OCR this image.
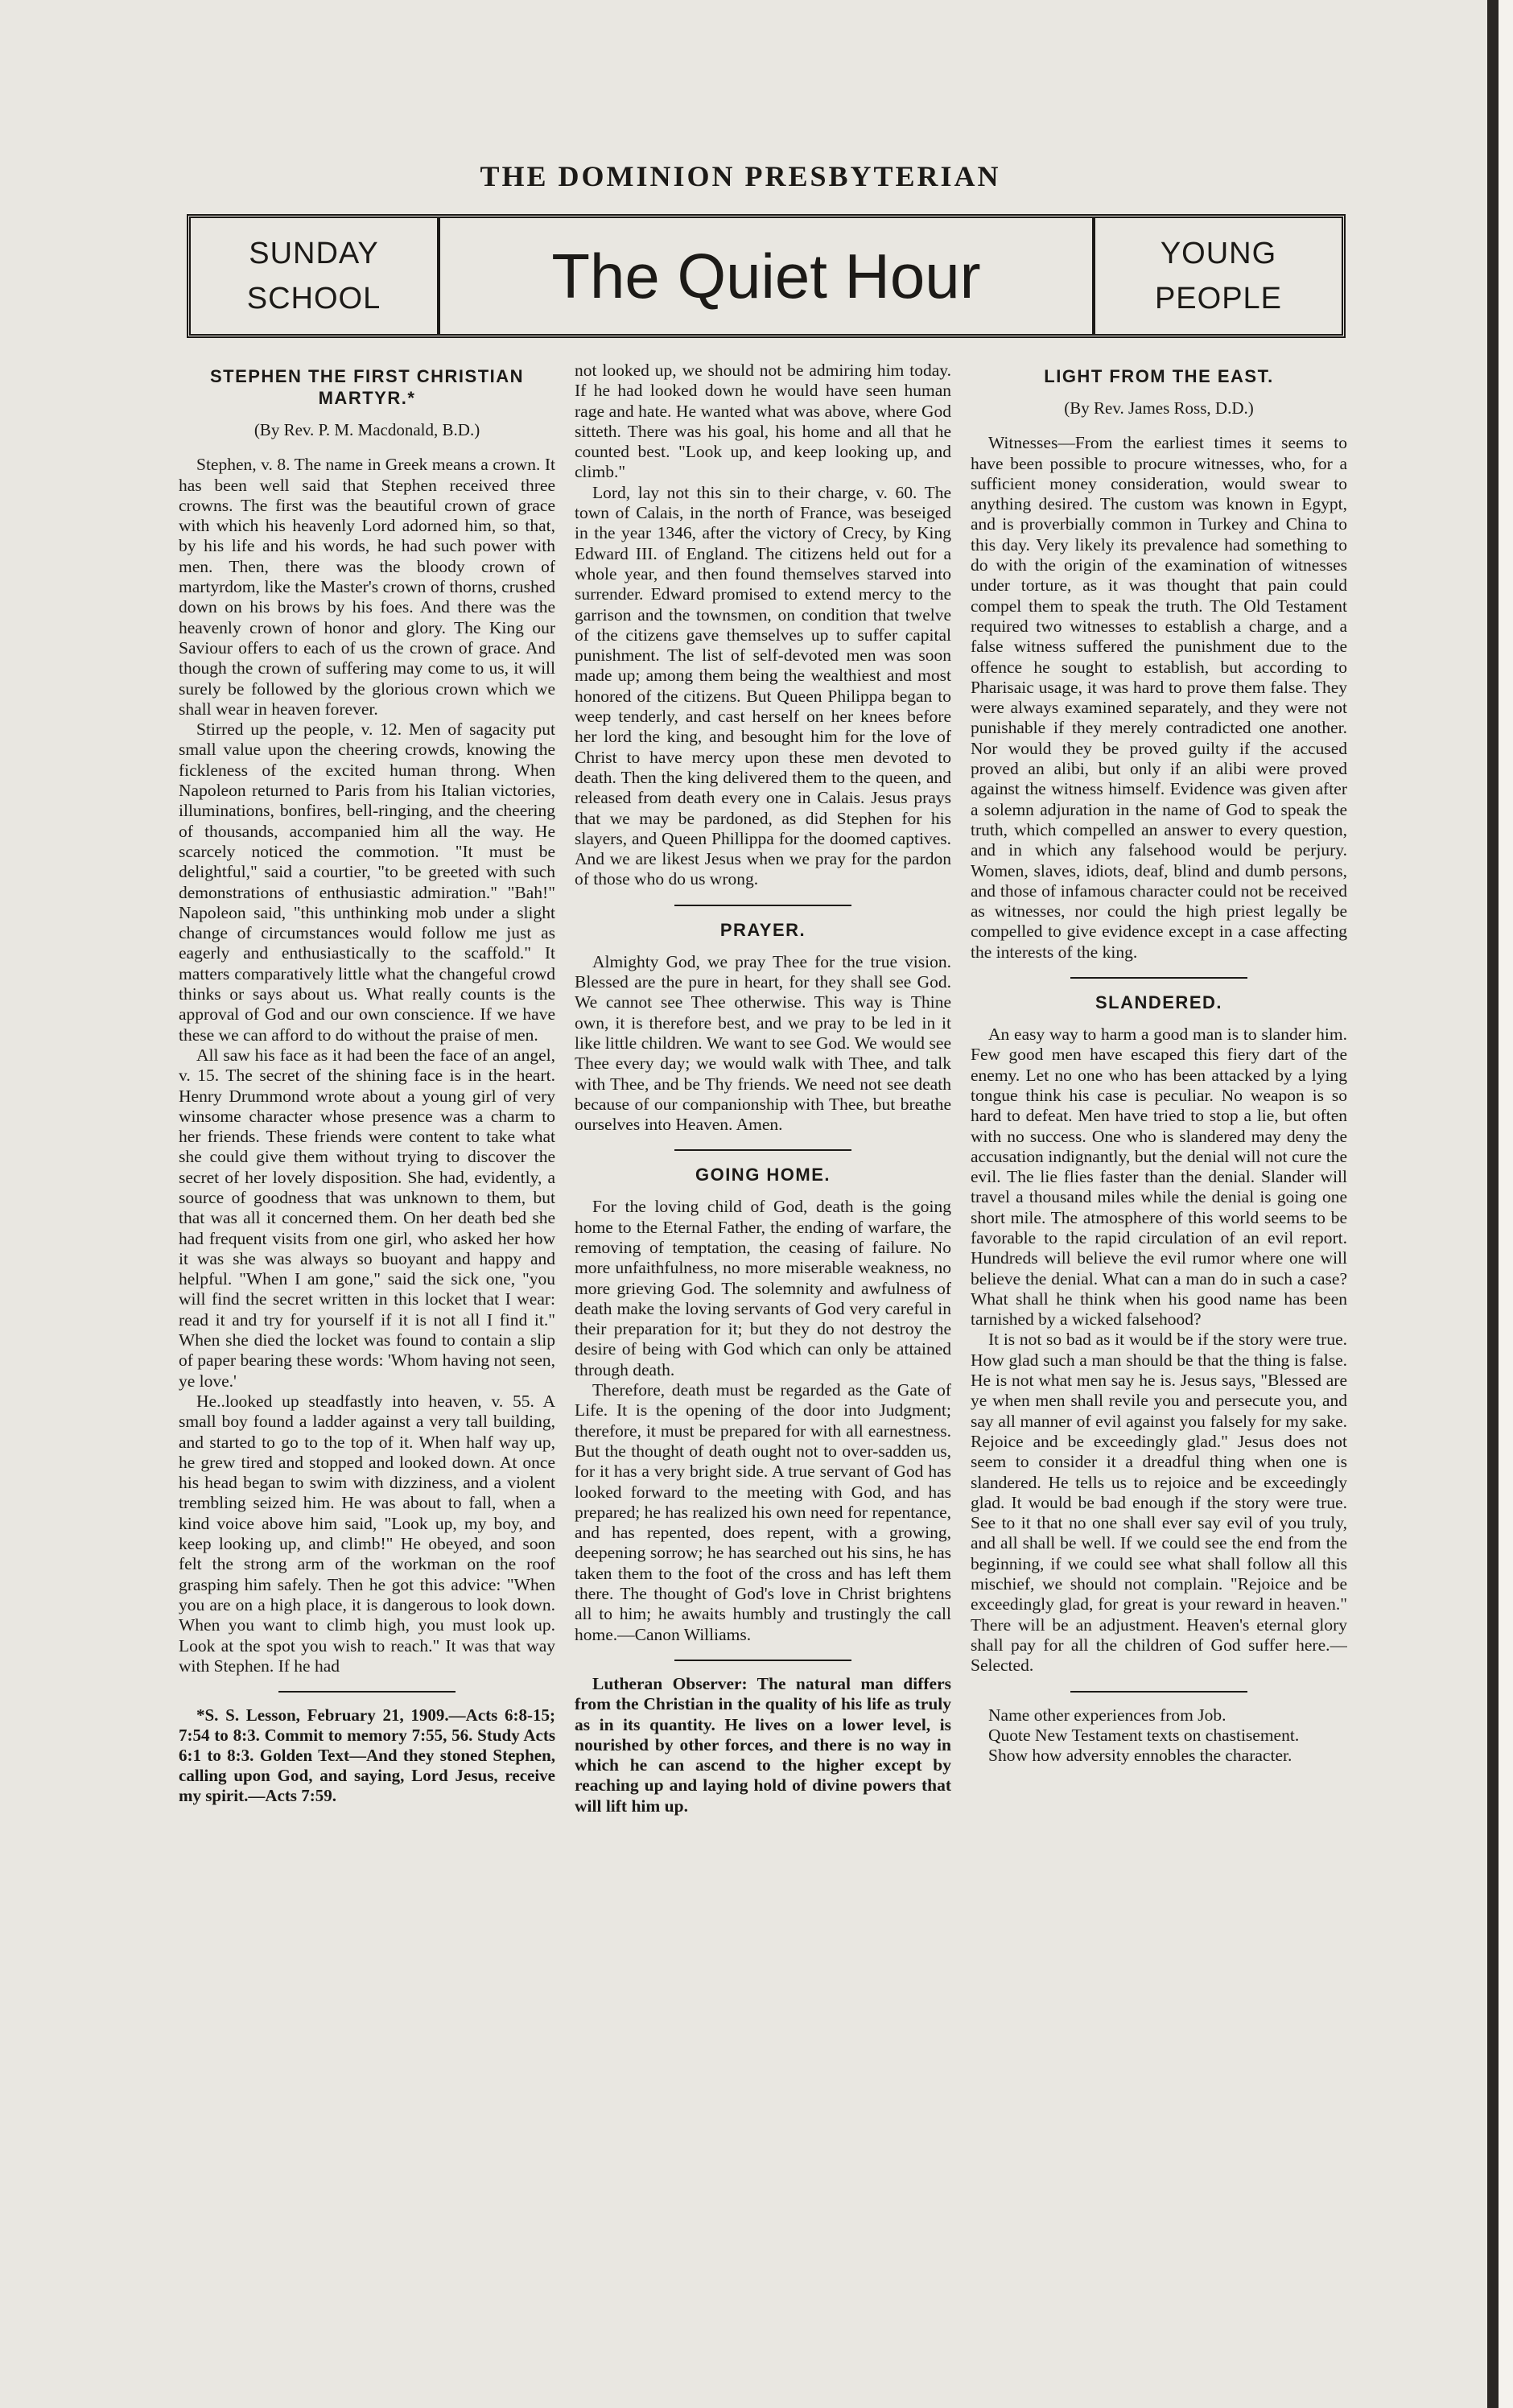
THE DOMINION PRESBYTERIAN
SUNDAY
SCHOOL	The Quiet Hour	YOUNG
PEOPLE
STEPHEN THE FIRST CHRISTIAN MARTYR.*
(By Rev. P. M. Macdonald, B.D.)

Stephen, v. 8. The name in Greek means a crown. It has been well said that Stephen received three crowns. The first was the beautiful crown of grace with which his heavenly Lord adorned him, so that, by his life and his words, he had such power with men. Then, there was the bloody crown of martyrdom, like the Master's crown of thorns, crushed down on his brows by his foes. And there was the heavenly crown of honor and glory. The King our Saviour offers to each of us the crown of grace. And though the crown of suffering may come to us, it will surely be followed by the glorious crown which we shall wear in heaven forever.

Stirred up the people, v. 12. Men of sagacity put small value upon the cheering crowds, knowing the fickleness of the excited human throng. When Napoleon returned to Paris from his Italian victories, illuminations, bonfires, bell-ringing, and the cheering of thousands, accompanied him all the way. He scarcely noticed the commotion. "It must be delightful," said a courtier, "to be greeted with such demonstrations of enthusiastic admiration." "Bah!" Napoleon said, "this unthinking mob under a slight change of circumstances would follow me just as eagerly and enthusiastically to the scaffold." It matters comparatively little what the changeful crowd thinks or says about us. What really counts is the approval of God and our own conscience. If we have these we can afford to do without the praise of men.

All saw his face as it had been the face of an angel, v. 15. The secret of the shining face is in the heart. Henry Drummond wrote about a young girl of very winsome character whose presence was a charm to her friends. These friends were content to take what she could give them without trying to discover the secret of her lovely disposition. She had, evidently, a source of goodness that was unknown to them, but that was all it concerned them. On her death bed she had frequent visits from one girl, who asked her how it was she was always so buoyant and happy and helpful. "When I am gone," said the sick one, "you will find the secret written in this locket that I wear: read it and try for yourself if it is not all I find it." When she died the locket was found to contain a slip of paper bearing these words: 'Whom having not seen, ye love.'

He..looked up steadfastly into heaven, v. 55. A small boy found a ladder against a very tall building, and started to go to the top of it. When half way up, he grew tired and stopped and looked down. At once his head began to swim with dizziness, and a violent trembling seized him. He was about to fall, when a kind voice above him said, "Look up, my boy, and keep looking up, and climb!" He obeyed, and soon felt the strong arm of the workman on the roof grasping him safely. Then he got this advice: "When you are on a high place, it is dangerous to look down. When you want to climb high, you must look up. Look at the spot you wish to reach." It was that way with Stephen. If he had

*S. S. Lesson, February 21, 1909.—Acts 6:8-15; 7:54 to 8:3. Commit to memory 7:55, 56. Study Acts 6:1 to 8:3. Golden Text—And they stoned Stephen, calling upon God, and saying, Lord Jesus, receive my spirit.—Acts 7:59.

not looked up, we should not be admiring him today. If he had looked down he would have seen human rage and hate. He wanted what was above, where God sitteth. There was his goal, his home and all that he counted best. "Look up, and keep looking up, and climb."

Lord, lay not this sin to their charge, v. 60. The town of Calais, in the north of France, was beseiged in the year 1346, after the victory of Crecy, by King Edward III. of England. The citizens held out for a whole year, and then found themselves starved into surrender. Edward promised to extend mercy to the garrison and the townsmen, on condition that twelve of the citizens gave themselves up to suffer capital punishment. The list of self-devoted men was soon made up; among them being the wealthiest and most honored of the citizens. But Queen Philippa began to weep tenderly, and cast herself on her knees before her lord the king, and besought him for the love of Christ to have mercy upon these men devoted to death. Then the king delivered them to the queen, and released from death every one in Calais. Jesus prays that we may be pardoned, as did Stephen for his slayers, and Queen Phillippa for the doomed captives. And we are likest Jesus when we pray for the pardon of those who do us wrong.

PRAYER.

Almighty God, we pray Thee for the true vision. Blessed are the pure in heart, for they shall see God. We cannot see Thee otherwise. This way is Thine own, it is therefore best, and we pray to be led in it like little children. We want to see God. We would see Thee every day; we would walk with Thee, and talk with Thee, and be Thy friends. We need not see death because of our companionship with Thee, but breathe ourselves into Heaven. Amen.

GOING HOME.

For the loving child of God, death is the going home to the Eternal Father, the ending of warfare, the removing of temptation, the ceasing of failure. No more unfaithfulness, no more miserable weakness, no more grieving God. The solemnity and awfulness of death make the loving servants of God very careful in their preparation for it; but they do not destroy the desire of being with God which can only be attained through death.

Therefore, death must be regarded as the Gate of Life. It is the opening of the door into Judgment; therefore, it must be prepared for with all earnestness. But the thought of death ought not to over-sadden us, for it has a very bright side. A true servant of God has looked forward to the meeting with God, and has prepared; he has realized his own need for repentance, and has repented, does repent, with a growing, deepening sorrow; he has searched out his sins, he has taken them to the foot of the cross and has left them there. The thought of God's love in Christ brightens all to him; he awaits humbly and trustingly the call home.—Canon Williams.

Lutheran Observer: The natural man differs from the Christian in the quality of his life as truly as in its quantity. He lives on a lower level, is nourished by other forces, and there is no way in which he can ascend to the higher except by reaching up and laying hold of divine powers that will lift him up.

LIGHT FROM THE EAST.
(By Rev. James Ross, D.D.)

Witnesses—From the earliest times it seems to have been possible to procure witnesses, who, for a sufficient money consideration, would swear to anything desired. The custom was known in Egypt, and is proverbially common in Turkey and China to this day. Very likely its prevalence had something to do with the origin of the examination of witnesses under torture, as it was thought that pain could compel them to speak the truth. The Old Testament required two witnesses to establish a charge, and a false witness suffered the punishment due to the offence he sought to establish, but according to Pharisaic usage, it was hard to prove them false. They were always examined separately, and they were not punishable if they merely contradicted one another. Nor would they be proved guilty if the accused proved an alibi, but only if an alibi were proved against the witness himself. Evidence was given after a solemn adjuration in the name of God to speak the truth, which compelled an answer to every question, and in which any falsehood would be perjury. Women, slaves, idiots, deaf, blind and dumb persons, and those of infamous character could not be received as witnesses, nor could the high priest legally be compelled to give evidence except in a case affecting the interests of the king.

SLANDERED.

An easy way to harm a good man is to slander him. Few good men have escaped this fiery dart of the enemy. Let no one who has been attacked by a lying tongue think his case is peculiar. No weapon is so hard to defeat. Men have tried to stop a lie, but often with no success. One who is slandered may deny the accusation indignantly, but the denial will not cure the evil. The lie flies faster than the denial. Slander will travel a thousand miles while the denial is going one short mile. The atmosphere of this world seems to be favorable to the rapid circulation of an evil report. Hundreds will believe the evil rumor where one will believe the denial. What can a man do in such a case? What shall he think when his good name has been tarnished by a wicked falsehood?

It is not so bad as it would be if the story were true. How glad such a man should be that the thing is false. He is not what men say he is. Jesus says, "Blessed are ye when men shall revile you and persecute you, and say all manner of evil against you falsely for my sake. Rejoice and be exceedingly glad." Jesus does not seem to consider it a dreadful thing when one is slandered. He tells us to rejoice and be exceedingly glad. It would be bad enough if the story were true. See to it that no one shall ever say evil of you truly, and all shall be well. If we could see the end from the beginning, if we could see what shall follow all this mischief, we should not complain. "Rejoice and be exceedingly glad, for great is your reward in heaven." There will be an adjustment. Heaven's eternal glory shall pay for all the children of God suffer here.—Selected.

Name other experiences from Job.

Quote New Testament texts on chastisement.

Show how adversity ennobles the character.
